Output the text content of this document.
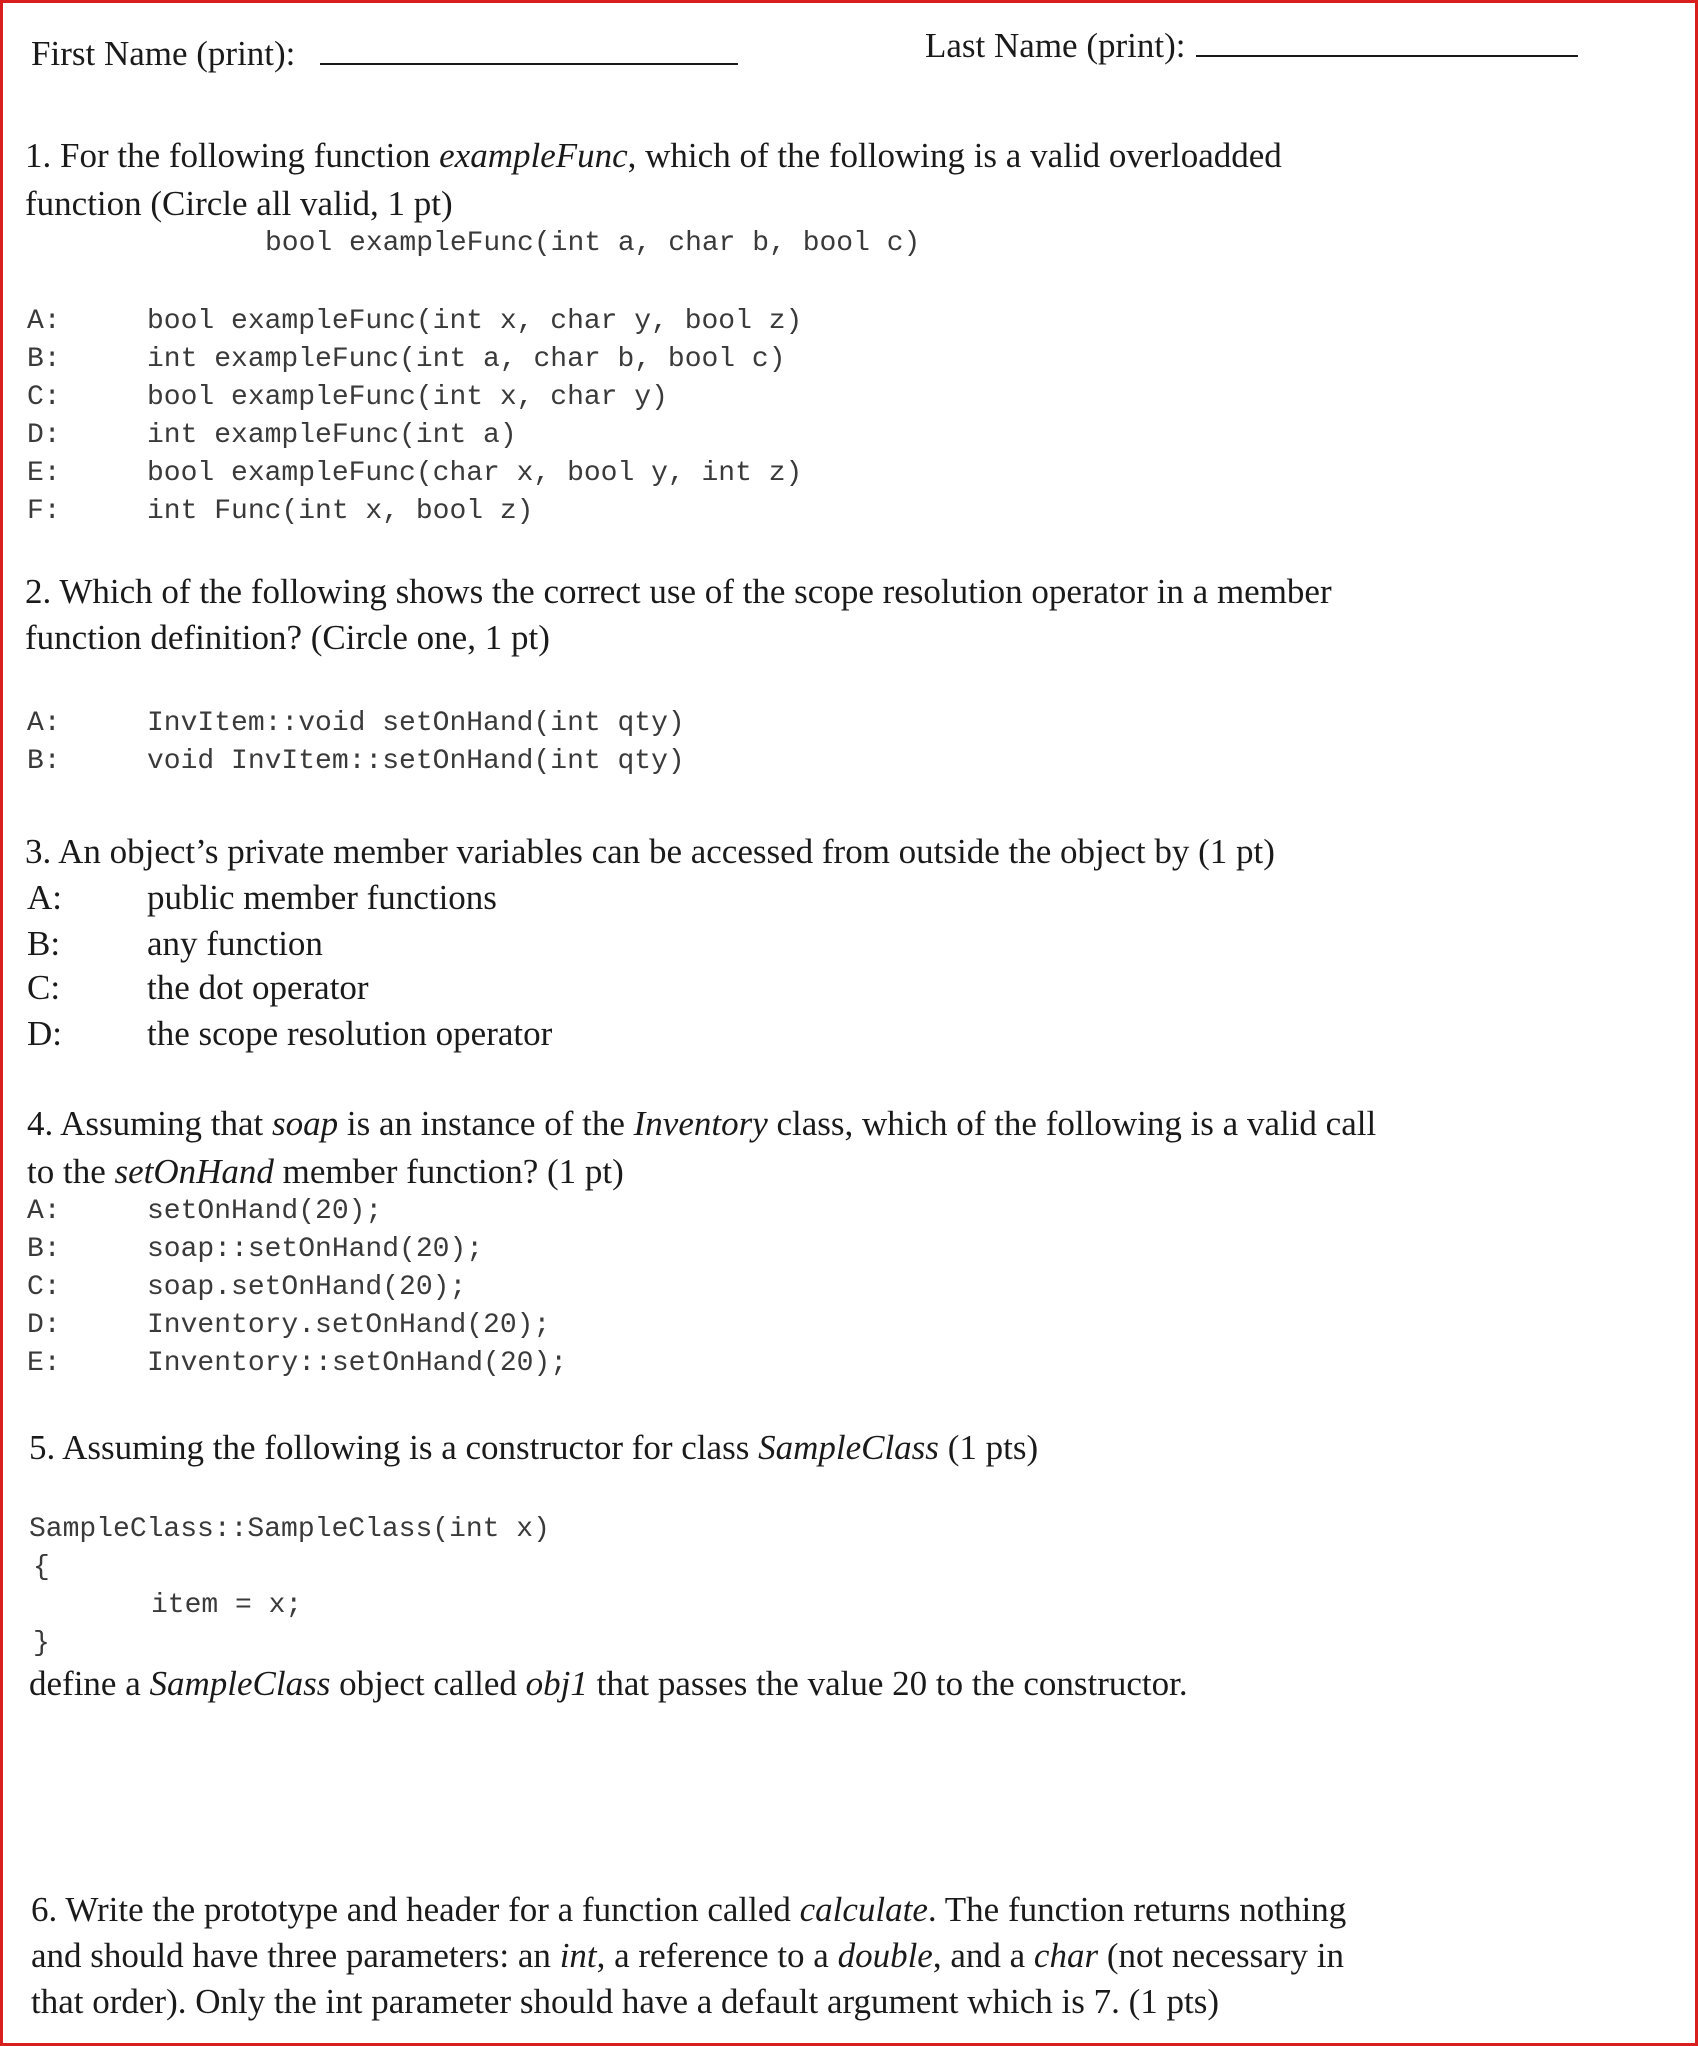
First Name (print):	Last Name (print):
1. For the following function exampleFunc, which of the following is a valid overloadded
function (Circle all valid, 1 pt)
bool exampleFunc(int a, char b, bool c)
A:	bool exampleFunc(int x, char y, bool z)
B:	int exampleFunc(int a, char b, bool c)
C:	bool exampleFunc(int x, char y)
D:	int exampleFunc(int a)
E:	bool exampleFunc(char x, bool y, int z)
F:	int Func(int x, bool z)
2. Which of the following shows the correct use of the scope resolution operator in a member
function definition? (Circle one, 1 pt)
A:	InvItem::void setOnHand(int qty)
B:	void InvItem::setOnHand(int qty)
3. An object’s private member variables can be accessed from outside the object by (1 pt)
A: public member functions
B: any function
C: the dot operator
D: the scope resolution operator
4. Assuming that soap is an instance of the Inventory class, which of the following is a valid call
to the setOnHand member function? (1 pt)
A:	setOnHand(20);
B:	soap::setOnHand(20);
C:	soap.setOnHand(20);
D:	Inventory.setOnHand(20);
E:	Inventory::setOnHand(20);
5. Assuming the following is a constructor for class SampleClass (1 pts)
SampleClass::SampleClass(int x)
{
item = x;
}
define a SampleClass object called obj1 that passes the value 20 to the constructor.
6. Write the prototype and header for a function called calculate. The function returns nothing
and should have three parameters: an int, a reference to a double, and a char (not necessary in
that order). Only the int parameter should have a default argument which is 7. (1 pts)
